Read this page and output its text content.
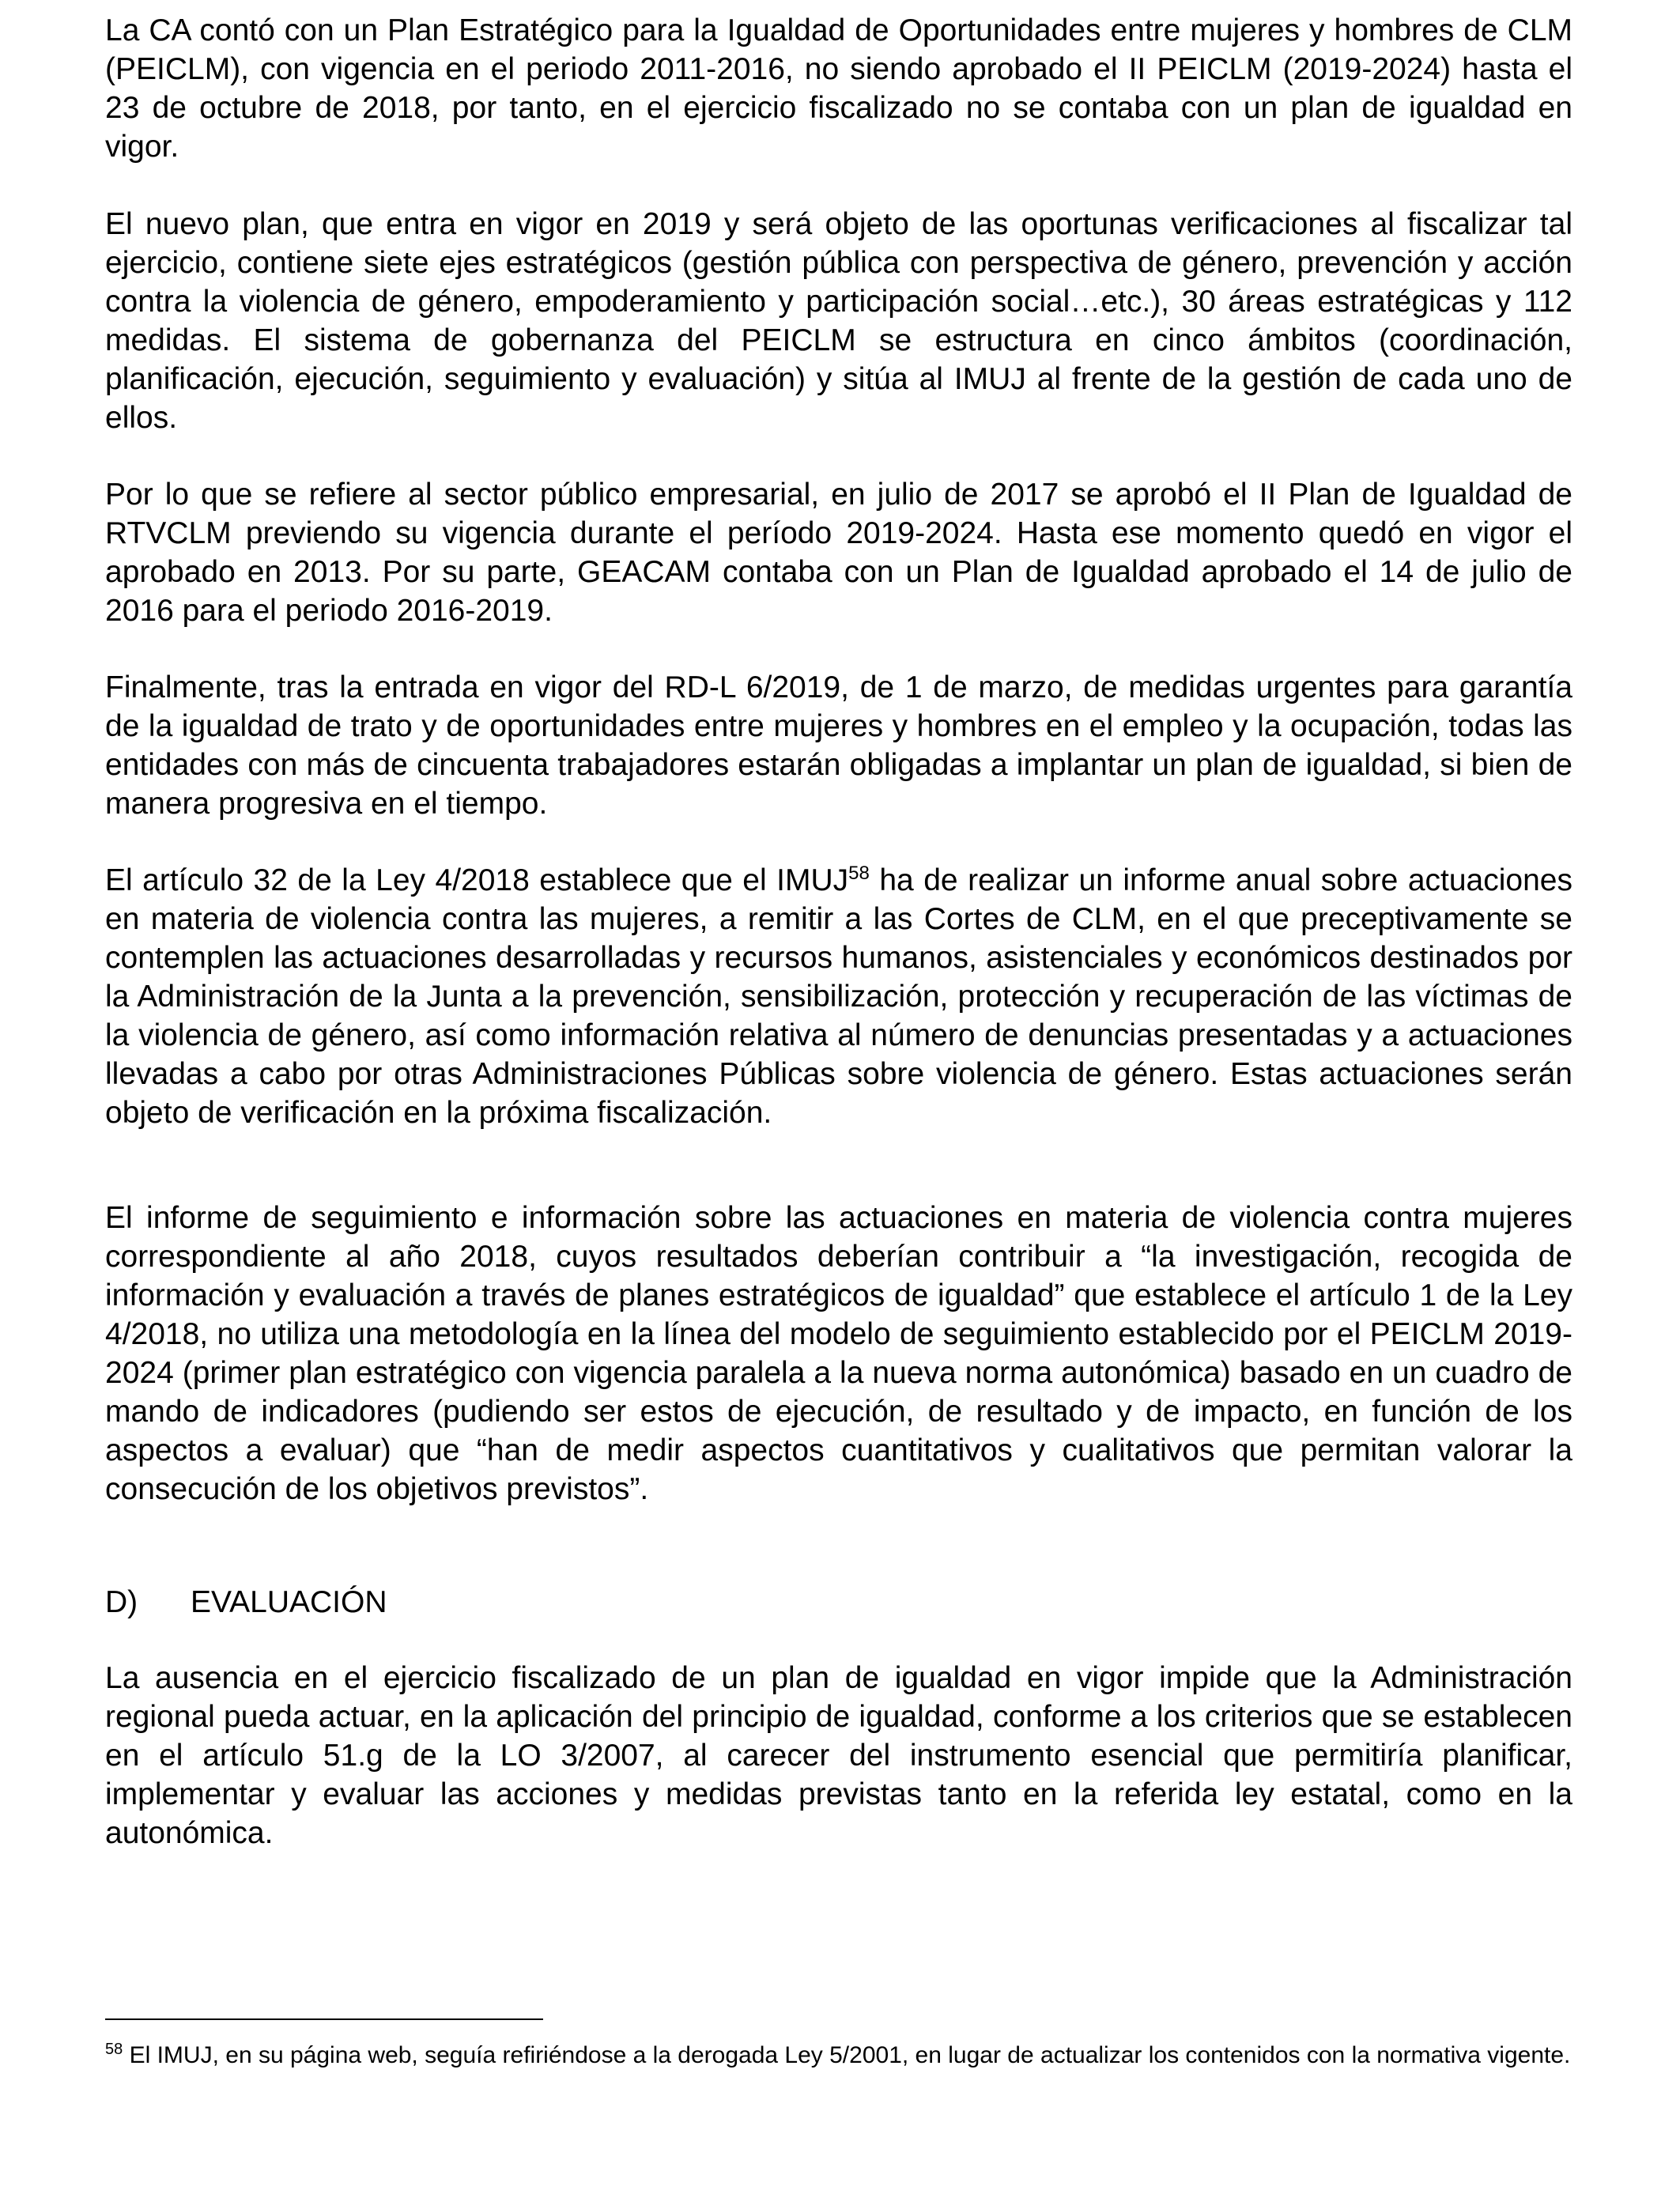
La CA contó con un Plan Estratégico para la Igualdad de Oportunidades entre mujeres y hombres de CLM (PEICLM), con vigencia en el periodo 2011-2016, no siendo aprobado el II PEICLM (2019-2024) hasta el 23 de octubre de 2018, por tanto, en el ejercicio fiscalizado no se contaba con un plan de igualdad en vigor.

El nuevo plan, que entra en vigor en 2019 y será objeto de las oportunas verificaciones al fiscalizar tal ejercicio, contiene siete ejes estratégicos (gestión pública con perspectiva de género, prevención y acción contra la violencia de género, empoderamiento y participación social…etc.), 30 áreas estratégicas y 112 medidas. El sistema de gobernanza del PEICLM se estructura en cinco ámbitos (coordinación, planificación, ejecución, seguimiento y evaluación) y sitúa al IMUJ al frente de la gestión de cada uno de ellos.

Por lo que se refiere al sector público empresarial, en julio de 2017 se aprobó el II Plan de Igualdad de RTVCLM previendo su vigencia durante el período 2019-2024. Hasta ese momento quedó en vigor el aprobado en 2013. Por su parte, GEACAM contaba con un Plan de Igualdad aprobado el 14 de julio de 2016 para el periodo 2016-2019.

Finalmente, tras la entrada en vigor del RD-L 6/2019, de 1 de marzo, de medidas urgentes para garantía de la igualdad de trato y de oportunidades entre mujeres y hombres en el empleo y la ocupación, todas las entidades con más de cincuenta trabajadores estarán obligadas a implantar un plan de igualdad, si bien de manera progresiva en el tiempo.

El artículo 32 de la Ley 4/2018 establece que el IMUJ$^{58}$ ha de realizar un informe anual sobre actuaciones en materia de violencia contra las mujeres, a remitir a las Cortes de CLM, en el que preceptivamente se contemplen las actuaciones desarrolladas y recursos humanos, asistenciales y económicos destinados por la Administración de la Junta a la prevención, sensibilización, protección y recuperación de las víctimas de la violencia de género, así como información relativa al número de denuncias presentadas y a actuaciones llevadas a cabo por otras Administraciones Públicas sobre violencia de género. Estas actuaciones serán objeto de verificación en la próxima fiscalización.

El informe de seguimiento e información sobre las actuaciones en materia de violencia contra mujeres correspondiente al año 2018, cuyos resultados deberían contribuir a “la investigación, recogida de información y evaluación a través de planes estratégicos de igualdad” que establece el artículo 1 de la Ley 4/2018, no utiliza una metodología en la línea del modelo de seguimiento establecido por el PEICLM 2019-2024 (primer plan estratégico con vigencia paralela a la nueva norma autonómica) basado en un cuadro de mando de indicadores (pudiendo ser estos de ejecución, de resultado y de impacto, en función de los aspectos a evaluar) que “han de medir aspectos cuantitativos y cualitativos que permitan valorar la consecución de los objetivos previstos”.

D) EVALUACIÓN

La ausencia en el ejercicio fiscalizado de un plan de igualdad en vigor impide que la Administración regional pueda actuar, en la aplicación del principio de igualdad, conforme a los criterios que se establecen en el artículo 51.g de la LO 3/2007, al carecer del instrumento esencial que permitiría planificar, implementar y evaluar las acciones y medidas previstas tanto en la referida ley estatal, como en la autonómica.

$^{58}$ El IMUJ, en su página web, seguía refiriéndose a la derogada Ley 5/2001, en lugar de actualizar los contenidos con la normativa vigente.
